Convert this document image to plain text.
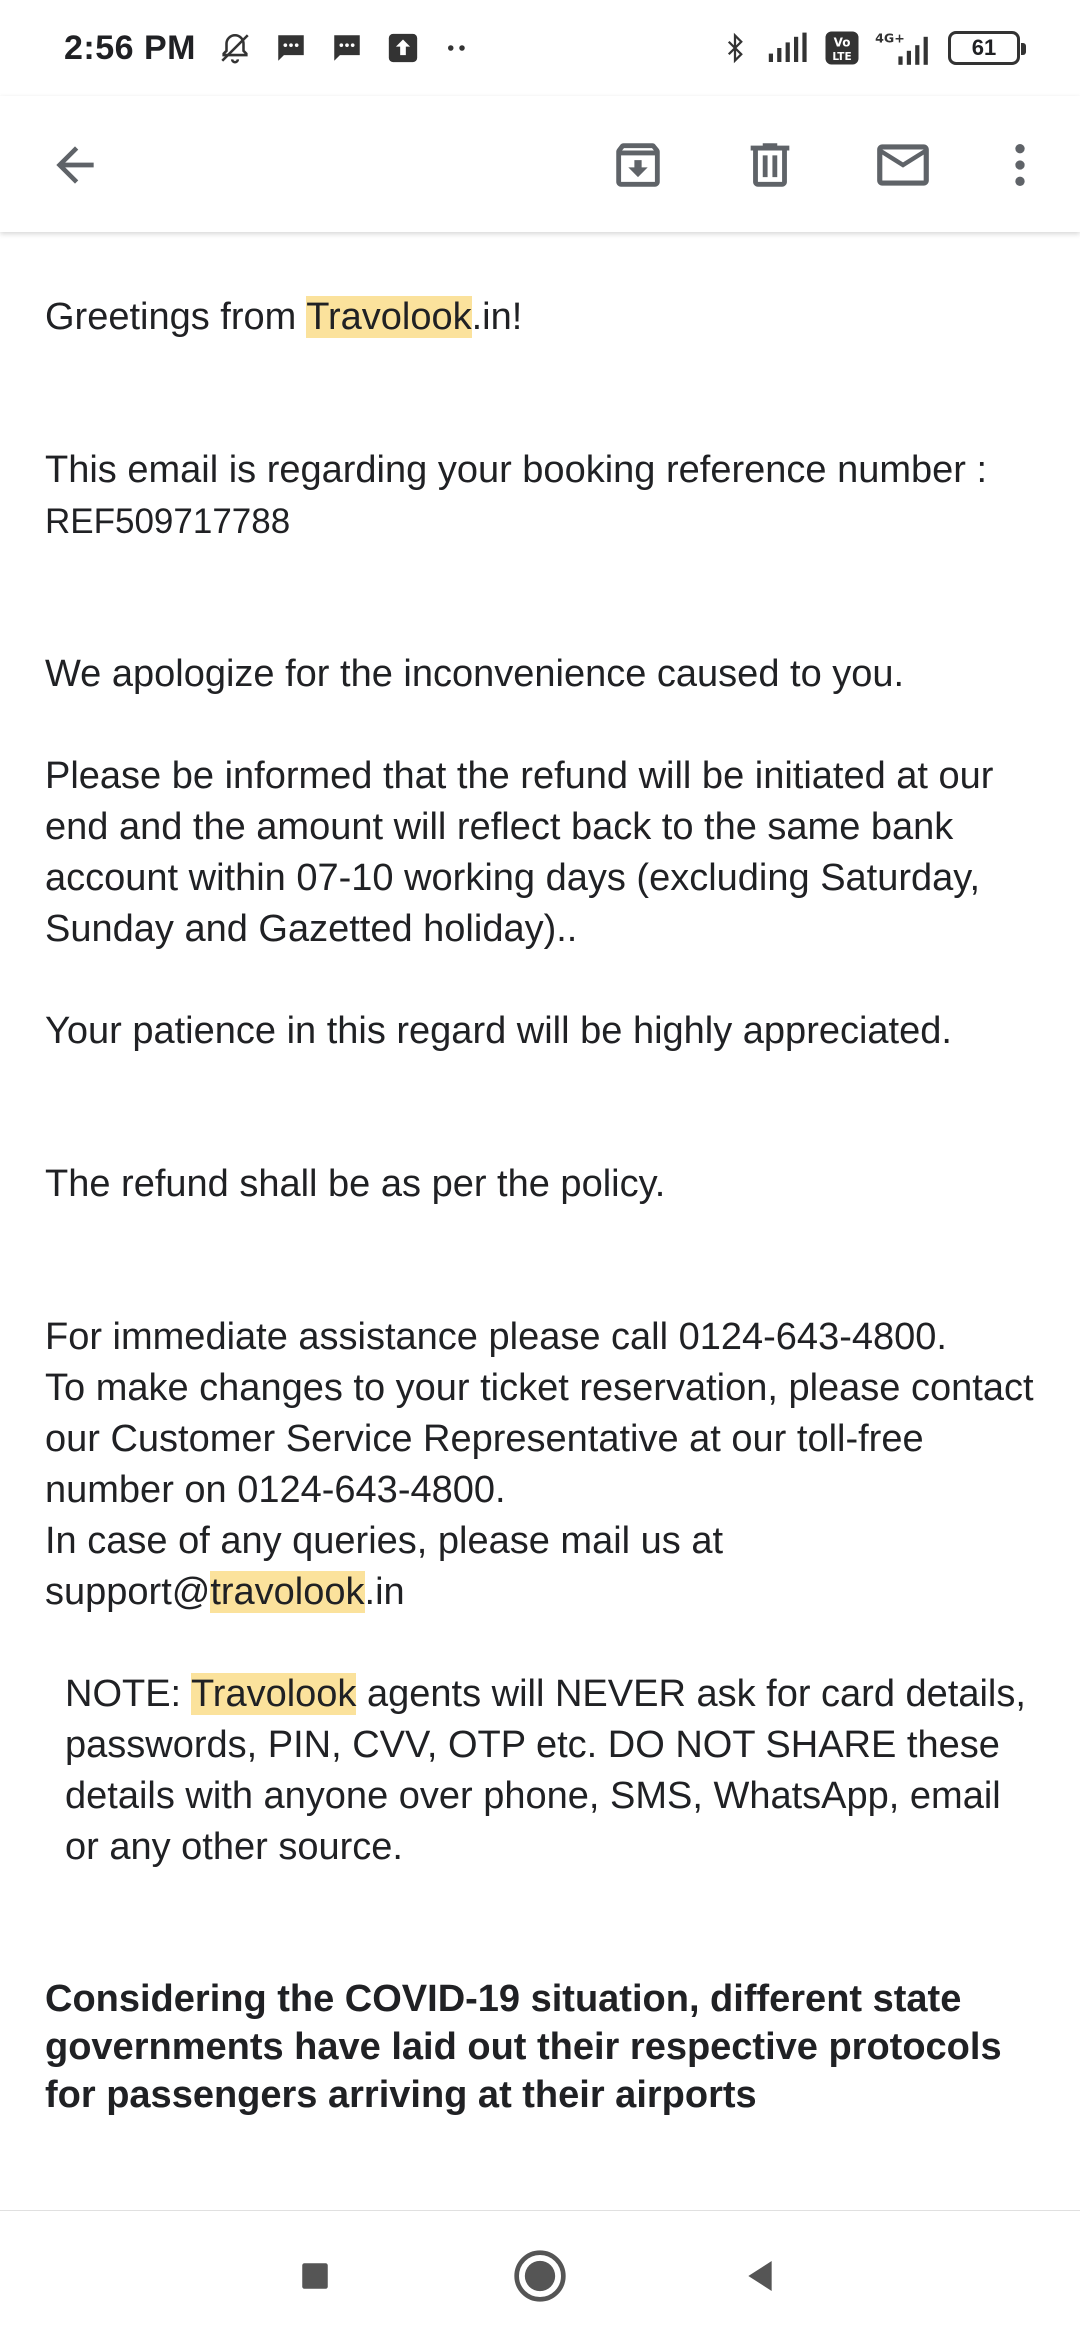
2:56 PM	Vo
LTE
4G+	61

Greetings from Travolook.in!

This email is regarding your booking reference number : REF509717788

We apologize for the inconvenience caused to you.

Please be informed that the refund will be initiated at our end and the amount will reflect back to the same bank account within 07-10 working days (excluding Saturday, Sunday and Gazetted holiday)..

Your patience in this regard will be highly appreciated.

The refund shall be as per the policy.

For immediate assistance please call 0124-643-4800.

To make changes to your ticket reservation, please contact our Customer Service Representative at our toll-free number on 0124-643-4800.

In case of any queries, please mail us at support@travolook.in

NOTE: Travolook agents will NEVER ask for card details, passwords, PIN, CVV, OTP etc. DO NOT SHARE these details with anyone over phone, SMS, WhatsApp, email or any other source.

Considering the COVID-19 situation, different state governments have laid out their respective protocols for passengers arriving at their airports
